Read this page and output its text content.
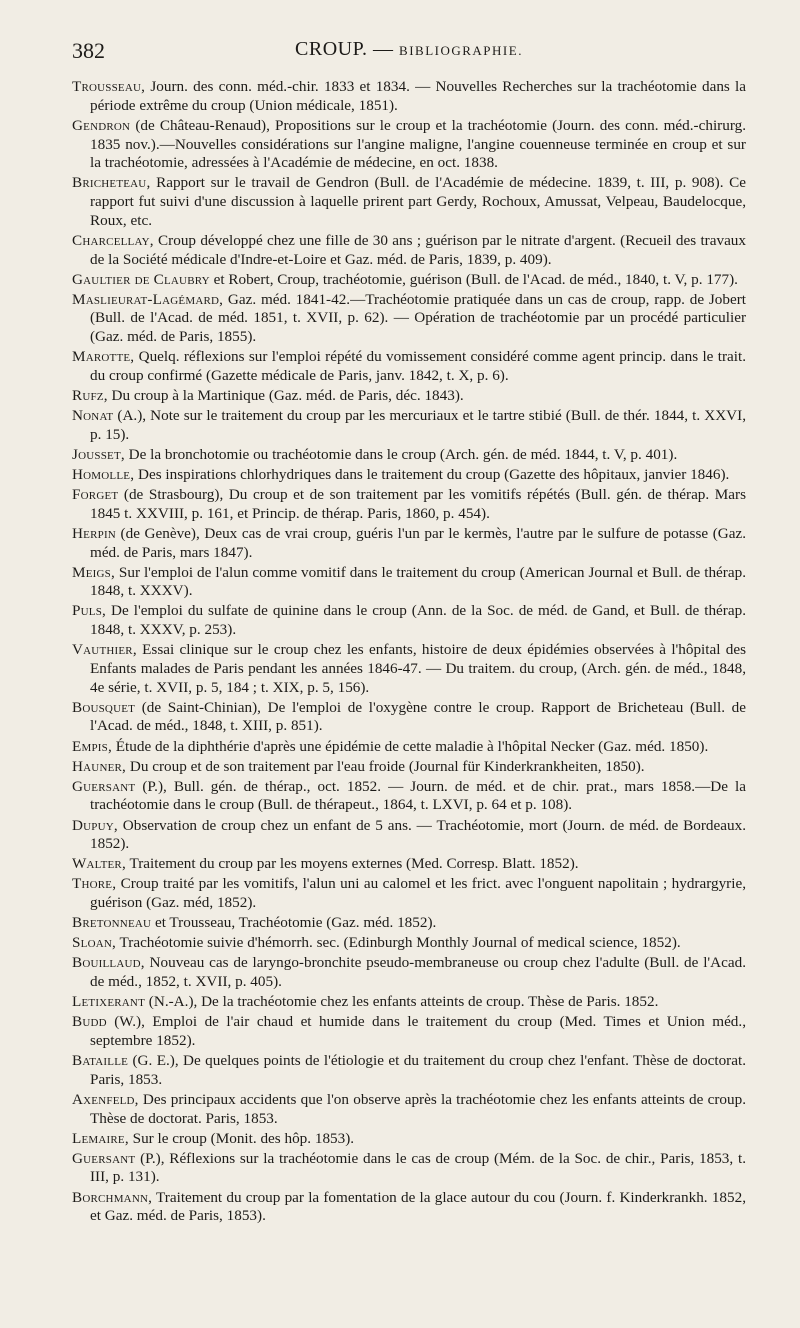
382	CROUP. — BIBLIOGRAPHIE.

Trousseau, Journ. des conn. méd.-chir. 1833 et 1834. — Nouvelles Recherches sur la trachéotomie dans la période extrême du croup (Union médicale, 1851).

Gendron (de Château-Renaud), Propositions sur le croup et la trachéotomie (Journ. des conn. méd.-chirurg. 1835 nov.).—Nouvelles considérations sur l'angine maligne, l'angine couenneuse terminée en croup et sur la trachéotomie, adressées à l'Académie de médecine, en oct. 1838.

Bricheteau, Rapport sur le travail de Gendron (Bull. de l'Académie de médecine. 1839, t. III, p. 908). Ce rapport fut suivi d'une discussion à laquelle prirent part Gerdy, Rochoux, Amussat, Velpeau, Baudelocque, Roux, etc.

Charcellay, Croup développé chez une fille de 30 ans ; guérison par le nitrate d'argent. (Recueil des travaux de la Société médicale d'Indre-et-Loire et Gaz. méd. de Paris, 1839, p. 409).

Gaultier de Claubry et Robert, Croup, trachéotomie, guérison (Bull. de l'Acad. de méd., 1840, t. V, p. 177).

Maslieurat-Lagémard, Gaz. méd. 1841-42.—Trachéotomie pratiquée dans un cas de croup, rapp. de Jobert (Bull. de l'Acad. de méd. 1851, t. XVII, p. 62). — Opération de trachéotomie par un procédé particulier (Gaz. méd. de Paris, 1855).

Marotte, Quelq. réflexions sur l'emploi répété du vomissement considéré comme agent princip. dans le trait. du croup confirmé (Gazette médicale de Paris, janv. 1842, t. X, p. 6).

Rufz, Du croup à la Martinique (Gaz. méd. de Paris, déc. 1843).

Nonat (A.), Note sur le traitement du croup par les mercuriaux et le tartre stibié (Bull. de thér. 1844, t. XXVI, p. 15).

Jousset, De la bronchotomie ou trachéotomie dans le croup (Arch. gén. de méd. 1844, t. V, p. 401).

Homolle, Des inspirations chlorhydriques dans le traitement du croup (Gazette des hôpitaux, janvier 1846).

Forget (de Strasbourg), Du croup et de son traitement par les vomitifs répétés (Bull. gén. de thérap. Mars 1845 t. XXVIII, p. 161, et Princip. de thérap. Paris, 1860, p. 454).

Herpin (de Genève), Deux cas de vrai croup, guéris l'un par le kermès, l'autre par le sulfure de potasse (Gaz. méd. de Paris, mars 1847).

Meigs, Sur l'emploi de l'alun comme vomitif dans le traitement du croup (American Journal et Bull. de thérap. 1848, t. XXXV).

Puls, De l'emploi du sulfate de quinine dans le croup (Ann. de la Soc. de méd. de Gand, et Bull. de thérap. 1848, t. XXXV, p. 253).

Vauthier, Essai clinique sur le croup chez les enfants, histoire de deux épidémies observées à l'hôpital des Enfants malades de Paris pendant les années 1846-47. — Du traitem. du croup, (Arch. gén. de méd., 1848, 4e série, t. XVII, p. 5, 184 ; t. XIX, p. 5, 156).

Bousquet (de Saint-Chinian), De l'emploi de l'oxygène contre le croup. Rapport de Bricheteau (Bull. de l'Acad. de méd., 1848, t. XIII, p. 851).

Empis, Étude de la diphthérie d'après une épidémie de cette maladie à l'hôpital Necker (Gaz. méd. 1850).

Hauner, Du croup et de son traitement par l'eau froide (Journal für Kinderkrankheiten, 1850).

Guersant (P.), Bull. gén. de thérap., oct. 1852. — Journ. de méd. et de chir. prat., mars 1858.—De la trachéotomie dans le croup (Bull. de thérapeut., 1864, t. LXVI, p. 64 et p. 108).

Dupuy, Observation de croup chez un enfant de 5 ans. — Trachéotomie, mort (Journ. de méd. de Bordeaux. 1852).

Walter, Traitement du croup par les moyens externes (Med. Corresp. Blatt. 1852).

Thore, Croup traité par les vomitifs, l'alun uni au calomel et les frict. avec l'onguent napolitain ; hydrargyrie, guérison (Gaz. méd, 1852).

Bretonneau et Trousseau, Trachéotomie (Gaz. méd. 1852).

Sloan, Trachéotomie suivie d'hémorrh. sec. (Edinburgh Monthly Journal of medical science, 1852).

Bouillaud, Nouveau cas de laryngo-bronchite pseudo-membraneuse ou croup chez l'adulte (Bull. de l'Acad. de méd., 1852, t. XVII, p. 405).

Letixerant (N.-A.), De la trachéotomie chez les enfants atteints de croup. Thèse de Paris. 1852.

Budd (W.), Emploi de l'air chaud et humide dans le traitement du croup (Med. Times et Union méd., septembre 1852).

Bataille (G. E.), De quelques points de l'étiologie et du traitement du croup chez l'enfant. Thèse de doctorat. Paris, 1853.

Axenfeld, Des principaux accidents que l'on observe après la trachéotomie chez les enfants atteints de croup. Thèse de doctorat. Paris, 1853.

Lemaire, Sur le croup (Monit. des hôp. 1853).

Guersant (P.), Réflexions sur la trachéotomie dans le cas de croup (Mém. de la Soc. de chir., Paris, 1853, t. III, p. 131).

Borchmann, Traitement du croup par la fomentation de la glace autour du cou (Journ. f. Kinderkrankh. 1852, et Gaz. méd. de Paris, 1853).
